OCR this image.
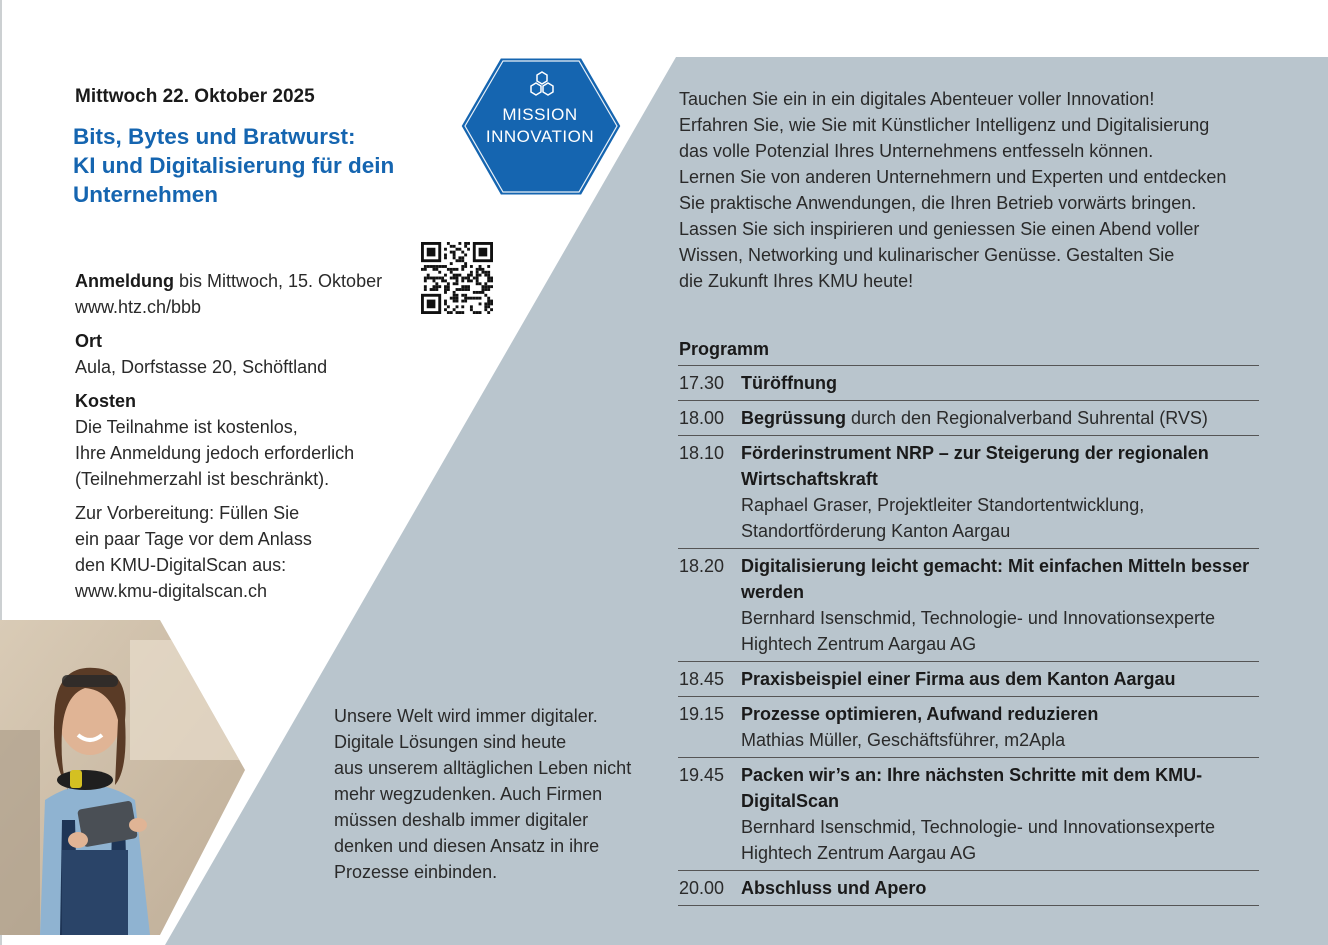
MISSION
INNOVATION
Mittwoch 22. Oktober 2025
Bits, Bytes und Bratwurst:
KI und Digitalisierung für dein
Unternehmen

Anmeldung bis Mittwoch, 15. Oktober

www.htz.ch/bbb

Ort

Aula, Dorfstasse 20, Schöftland

Kosten

Die Teilnahme ist kostenlos,

Ihre Anmeldung jedoch erforderlich

(Teilnehmerzahl ist beschränkt).

Zur Vorbereitung: Füllen Sie

ein paar Tage vor dem Anlass

den KMU-DigitalScan aus:

www.kmu-digitalscan.ch

Tauchen Sie ein in ein digitales Abenteuer voller Innovation!
Erfahren Sie, wie Sie mit Künstlicher Intelligenz und Digitalisierung
das volle Potenzial Ihres Unternehmens entfesseln können.
Lernen Sie von anderen Unternehmern und Experten und entdecken
Sie praktische Anwendungen, die Ihren Betrieb vorwärts bringen.
Lassen Sie sich inspirieren und geniessen Sie einen Abend voller
Wissen, Networking und kulinarischer Genüsse. Gestalten Sie
die Zukunft Ihres KMU heute!
Unsere Welt wird immer digitaler.
Digitale Lösungen sind heute
aus unserem alltäglichen Leben nicht
mehr wegzudenken. Auch Firmen
müssen deshalb immer digitaler
denken und diesen Ansatz in ihre
Prozesse einbinden.
Programm
17.30 Türöffnung
18.00 Begrüssung durch den Regionalverband Suhrental (RVS)
18.10 Förderinstrument NRP – zur Steigerung der regionalen Wirtschaftskraft
Raphael Graser, Projektleiter Standortentwicklung,
Standortförderung Kanton Aargau
18.20 Digitalisierung leicht gemacht: Mit einfachen Mitteln besser werden
Bernhard Isenschmid, Technologie- und Innovationsexperte
Hightech Zentrum Aargau AG
18.45 Praxisbeispiel einer Firma aus dem Kanton Aargau
19.15 Prozesse optimieren, Aufwand reduzieren
Mathias Müller, Geschäftsführer, m2Apla
19.45 Packen wir’s an: Ihre nächsten Schritte mit dem KMU-DigitalScan
Bernhard Isenschmid, Technologie- und Innovationsexperte
Hightech Zentrum Aargau AG
20.00 Abschluss und Apero
